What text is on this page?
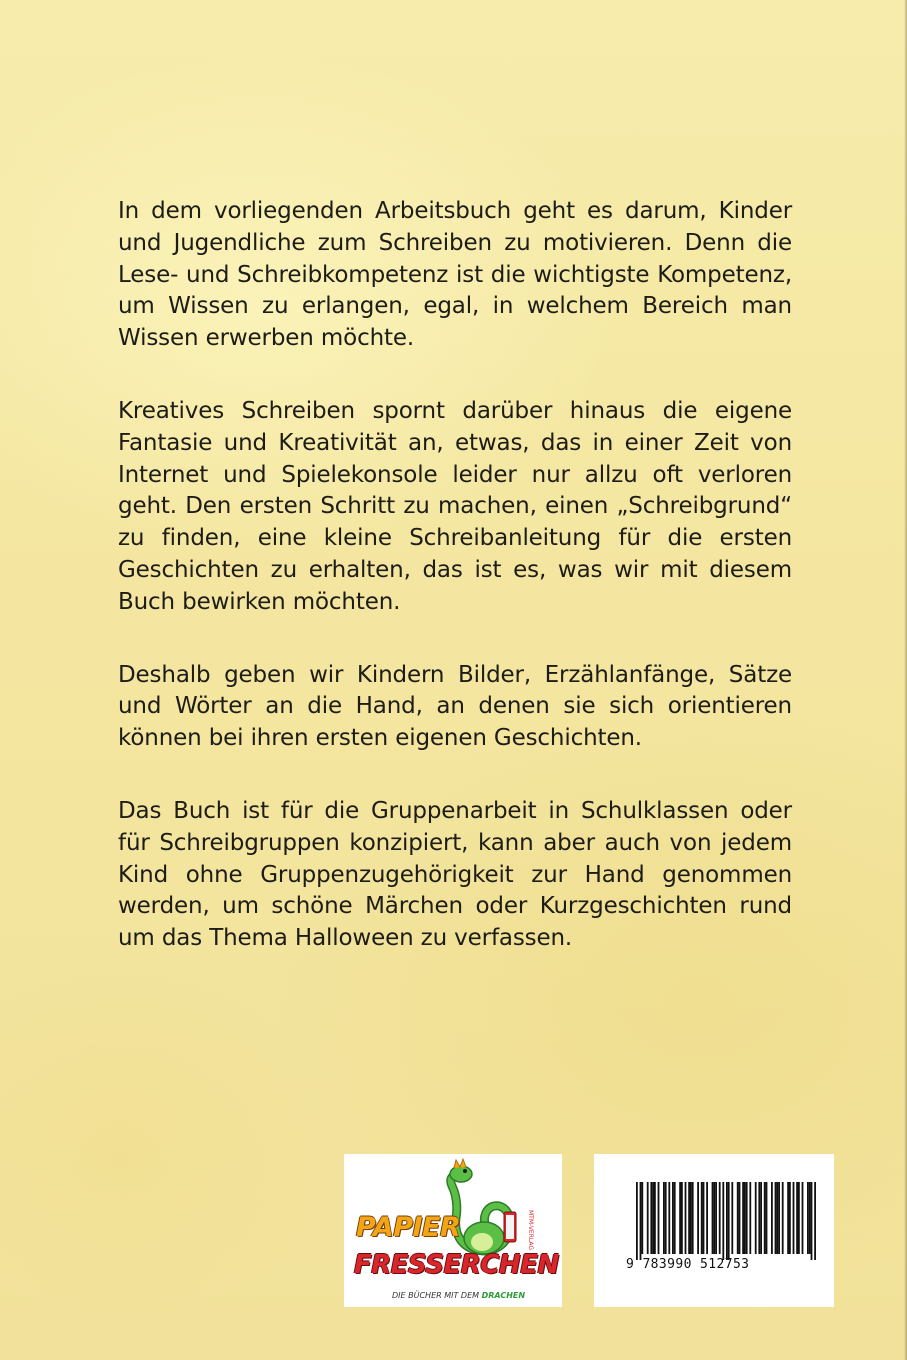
In dem vorliegenden Arbeitsbuch geht es darum, Kinder und Jugendliche zum Schreiben zu motivieren. Denn die Lese- und Schreibkompetenz ist die wichtigste Kompetenz, um Wissen zu erlangen, egal, in welchem Bereich man Wissen erwerben möchte.

Kreatives Schreiben spornt darüber hinaus die eigene Fantasie und Kreativität an, etwas, das in einer Zeit von Internet und Spielekonsole leider nur allzu oft verloren geht. Den ersten Schritt zu machen, einen „Schreibgrund“ zu finden, eine kleine Schreibanleitung für die ersten Geschichten zu erhalten, das ist es, was wir mit diesem Buch bewirken möchten.

Deshalb geben wir Kindern Bilder, Erzählanfänge, Sätze und Wörter an die Hand, an denen sie sich orientieren können bei ihren ersten eigenen Geschichten.

Das Buch ist für die Gruppenarbeit in Schulklassen oder für Schreibgruppen konzipiert, kann aber auch von jedem Kind ohne Gruppenzugehörigkeit zur Hand genommen werden, um schöne Märchen oder Kurzgeschichten rund um das Thema Halloween zu verfassen.

PAPIER
FRESSERCHEN
MTM-VERLAG
DIE BÜCHER MIT DEM DRACHEN
9 783990 512753
